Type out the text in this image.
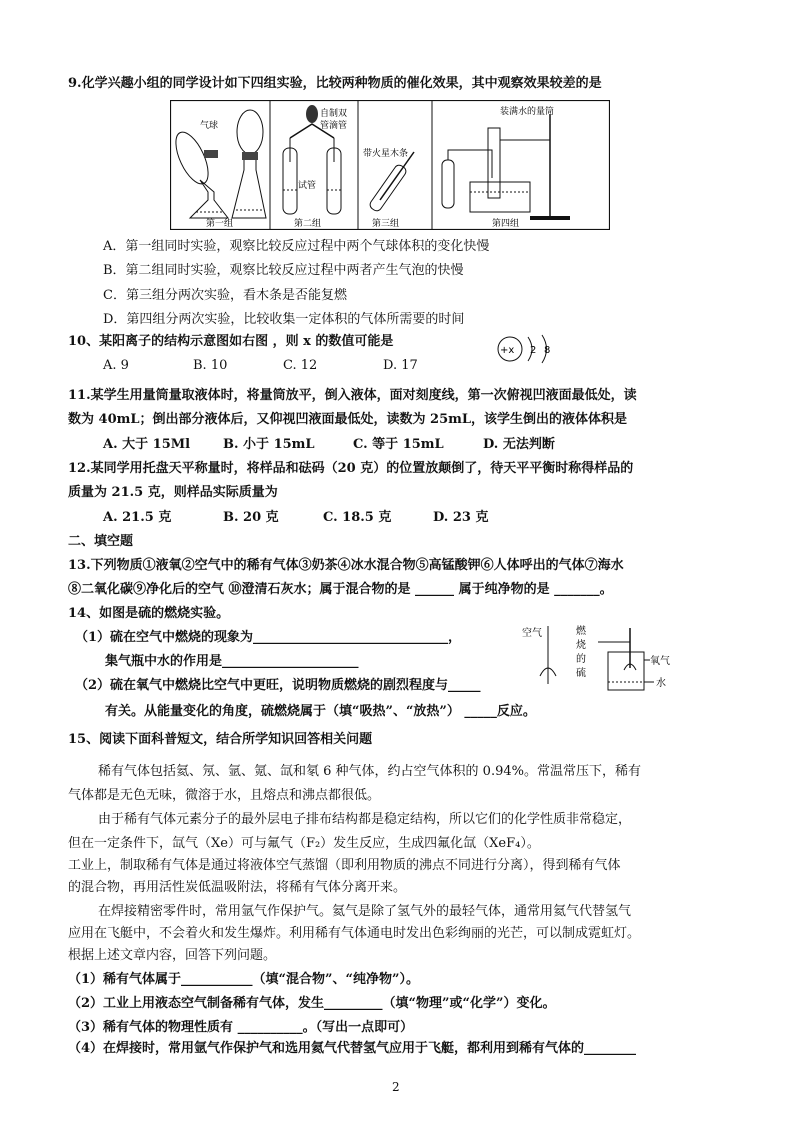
9.化学兴趣小组的同学设计如下四组实验，比较两种物质的催化效果，其中观察效果较差的是
气球
第一组
自制双
管滴管
试管
第二组
带火星木条
第三组
装满水的量筒
第四组
A．第一组同时实验，观察比较反应过程中两个气球体积的变化快慢
B．第二组同时实验，观察比较反应过程中两者产生气泡的快慢
C．第三组分两次实验，看木条是否能复燃
D．第四组分两次实验，比较收集一定体积的气体所需要的时间
10、某阳离子的结构示意图如右图 ，则 x 的数值可能是
A. 9	B. 10	C. 12	D. 17
+x 2 8
11.某学生用量筒量取液体时，将量筒放平，倒入液体，面对刻度线，第一次俯视凹液面最低处，读
数为 40mL；倒出部分液体后，又仰视凹液面最低处，读数为 25mL，该学生倒出的液体体积是
A. 大于 15Ml	B. 小于 15mL	C. 等于 15mL	D. 无法判断
12.某同学用托盘天平称量时，将样品和砝码（20 克）的位置放颠倒了，待天平平衡时称得样品的
质量为 21.5 克，则样品实际质量为
A. 21.5 克	B. 20 克	C. 18.5 克	D. 23 克
二、填空题
13.下列物质①液氧②空气中的稀有气体③奶茶④冰水混合物⑤高锰酸钾⑥人体呼出的气体⑦海水
⑧二氧化碳⑨净化后的空气 ⑩澄清石灰水；属于混合物的是 ______ 属于纯净物的是 _______。
14、如图是硫的燃烧实验。
（1）硫在空气中燃烧的现象为______________________________，
集气瓶中水的作用是_____________________
（2）硫在氧气中燃烧比空气中更旺，说明物质燃烧的剧烈程度与_____
有关。从能量变化的角度，硫燃烧属于（填“吸热”、“放热”） _____反应。
空气	燃
烧
的
硫
氧气
水
15、阅读下面科普短文，结合所学知识回答相关问题
稀有气体包括氦、氖、氩、氪、氙和氡 6 种气体，约占空气体积的 0.94%。常温常压下，稀有
气体都是无色无味，微溶于水，且熔点和沸点都很低。
由于稀有气体元素分子的最外层电子排布结构都是稳定结构，所以它们的化学性质非常稳定，
但在一定条件下，氙气（Xe）可与氟气（F₂）发生反应，生成四氟化氙（XeF₄）。
工业上，制取稀有气体是通过将液体空气蒸馏（即利用物质的沸点不同进行分离），得到稀有气体
的混合物，再用活性炭低温吸附法，将稀有气体分离开来。
在焊接精密零件时，常用氩气作保护气。氦气是除了氢气外的最轻气体，通常用氦气代替氢气
应用在飞艇中，不会着火和发生爆炸。利用稀有气体通电时发出色彩绚丽的光芒，可以制成霓虹灯。
根据上述文章内容，回答下列问题。
（1）稀有气体属于___________（填“混合物”、“纯净物”）。
（2）工业上用液态空气制备稀有气体，发生_________（填“物理”或“化学”）变化。
（3）稀有气体的物理性质有 __________。（写出一点即可）
（4）在焊接时，常用氩气作保护气和选用氦气代替氢气应用于飞艇，都利用到稀有气体的________
2
